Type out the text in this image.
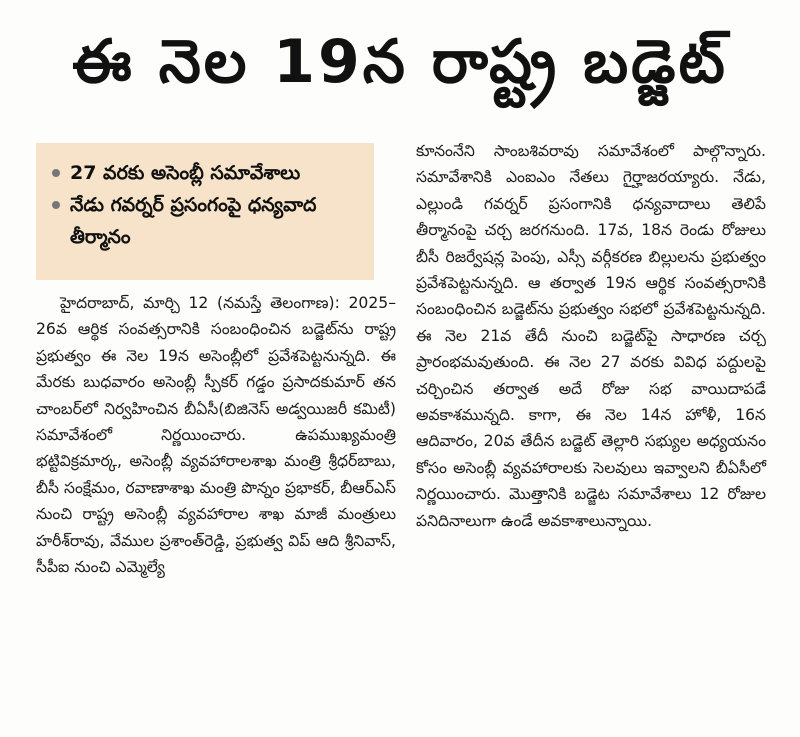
ఈ నెల 19న రాష్ట్ర బడ్జెట్
27 వరకు అసెంబ్లీ సమావేశాలు
నేడు గవర్నర్ ప్రసంగంపై ధన్యవాద తీర్మానం

హైదరాబాద్, మార్చి 12 (నమస్తే తెలంగాణ): 2025–26వ ఆర్థిక సంవత్సరానికి సంబంధించిన బడ్జెట్‌ను రాష్ట్ర ప్రభుత్వం ఈ నెల 19న అసెంబ్లీలో ప్రవేశపెట్టనున్నది. ఈ మేరకు బుధవారం అసెంబ్లీ స్పీకర్ గడ్డం ప్రసాదకుమార్ తన చాంబర్‌లో నిర్వహించిన బీఏసీ(బిజినెస్ అడ్వయిజరీ కమిటీ) సమావేశంలో నిర్ణయించారు. ఉపముఖ్యమంత్రి భట్టివిక్రమార్క, అసెంబ్లీ వ్యవహారాలశాఖ మంత్రి శ్రీధర్‌బాబు, బీసీ సంక్షేమం, రవాణాశాఖ మంత్రి పొన్నం ప్రభాకర్, బీఆర్ఎస్ నుంచి రాష్ట్ర అసెంబ్లీ వ్యవహారాల శాఖ మాజీ మంత్రులు హరీశ్‌రావు, వేముల ప్రశాంత్‌రెడ్డి, ప్రభుత్వ విప్ ఆది శ్రీనివాస్, సీపీఐ నుంచి ఎమ్మెల్యే

కూనంనేని సాంబశివరావు సమావేశంలో పాల్గొన్నారు. సమావేశానికి ఎంఐఎం నేతలు గైర్హాజరయ్యారు. నేడు, ఎల్లుండి గవర్నర్ ప్రసంగానికి ధన్యవాదాలు తెలిపే తీర్మానంపై చర్చ జరగనుంది. 17వ, 18న రెండు రోజులు బీసీ రిజర్వేషన్ల పెంపు, ఎస్సీ వర్గీకరణ బిల్లులను ప్రభుత్వం ప్రవేశపెట్టనున్నది. ఆ తర్వాత 19న ఆర్థిక సంవత్సరానికి సంబంధించిన బడ్జెట్‌ను ప్రభుత్వం సభలో ప్రవేశపెట్టనున్నది. ఈ నెల 21వ తేదీ నుంచి బడ్జెట్‌పై సాధారణ చర్చ ప్రారంభమవుతుంది. ఈ నెల 27 వరకు వివిధ పద్దులపై చర్చించిన తర్వాత అదే రోజు సభ వాయిదాపడే అవకాశమున్నది. కాగా, ఈ నెల 14న హోళీ, 16న ఆదివారం, 20వ తేదీన బడ్జెట్ తెల్లారి సభ్యుల అధ్యయనం కోసం అసెంబ్లీ వ్యవహారాలకు సెలవులు ఇవ్వాలని బీఏసీలో నిర్ణయించారు. మొత్తానికి బడ్జెట సమావేశాలు 12 రోజుల పనిదినాలుగా ఉండే అవకాశాలున్నాయి.
